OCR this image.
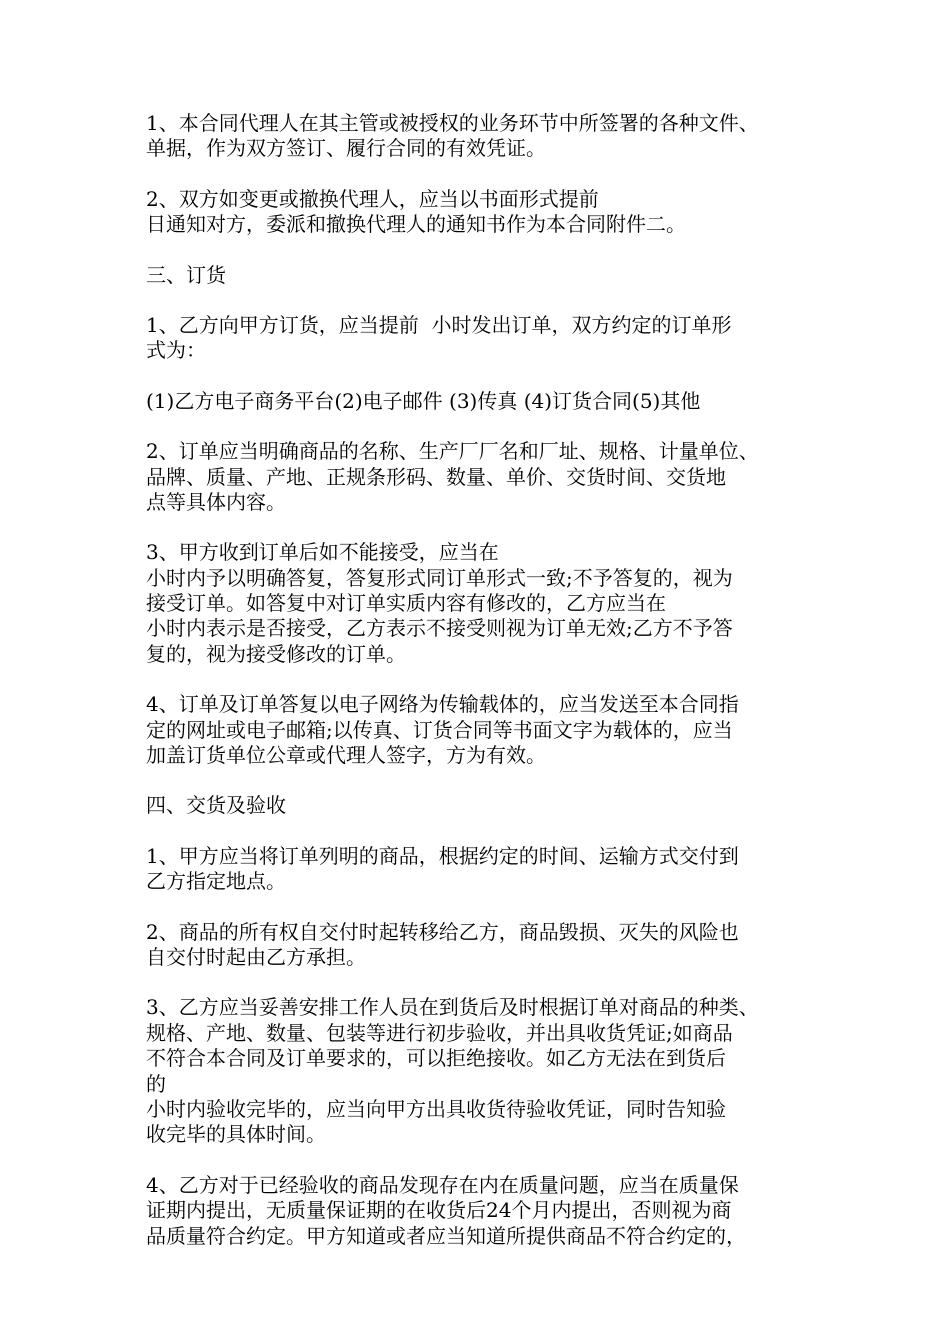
1、本合同代理人在其主管或被授权的业务环节中所签署的各种文件、
单据，作为双方签订、履行合同的有效凭证。
2、双方如变更或撤换代理人，应当以书面形式提前
日通知对方，委派和撤换代理人的通知书作为本合同附件二。
三、订货
1、乙方向甲方订货，应当提前  小时发出订单，双方约定的订单形
式为：
(1)乙方电子商务平台(2)电子邮件 (3)传真 (4)订货合同(5)其他
2、订单应当明确商品的名称、生产厂厂名和厂址、规格、计量单位、
品牌、质量、产地、正规条形码、数量、单价、交货时间、交货地
点等具体内容。
3、甲方收到订单后如不能接受，应当在
小时内予以明确答复，答复形式同订单形式一致;不予答复的，视为
接受订单。如答复中对订单实质内容有修改的，乙方应当在
小时内表示是否接受，乙方表示不接受则视为订单无效;乙方不予答
复的，视为接受修改的订单。
4、订单及订单答复以电子网络为传输载体的，应当发送至本合同指
定的网址或电子邮箱;以传真、订货合同等书面文字为载体的，应当
加盖订货单位公章或代理人签字，方为有效。
四、交货及验收
1、甲方应当将订单列明的商品，根据约定的时间、运输方式交付到
乙方指定地点。
2、商品的所有权自交付时起转移给乙方，商品毁损、灭失的风险也
自交付时起由乙方承担。
3、乙方应当妥善安排工作人员在到货后及时根据订单对商品的种类、
规格、产地、数量、包装等进行初步验收，并出具收货凭证;如商品
不符合本合同及订单要求的，可以拒绝接收。如乙方无法在到货后
的
小时内验收完毕的，应当向甲方出具收货待验收凭证，同时告知验
收完毕的具体时间。
4、乙方对于已经验收的商品发现存在内在质量问题，应当在质量保
证期内提出，无质量保证期的在收货后24个月内提出，否则视为商
品质量符合约定。甲方知道或者应当知道所提供商品不符合约定的，
